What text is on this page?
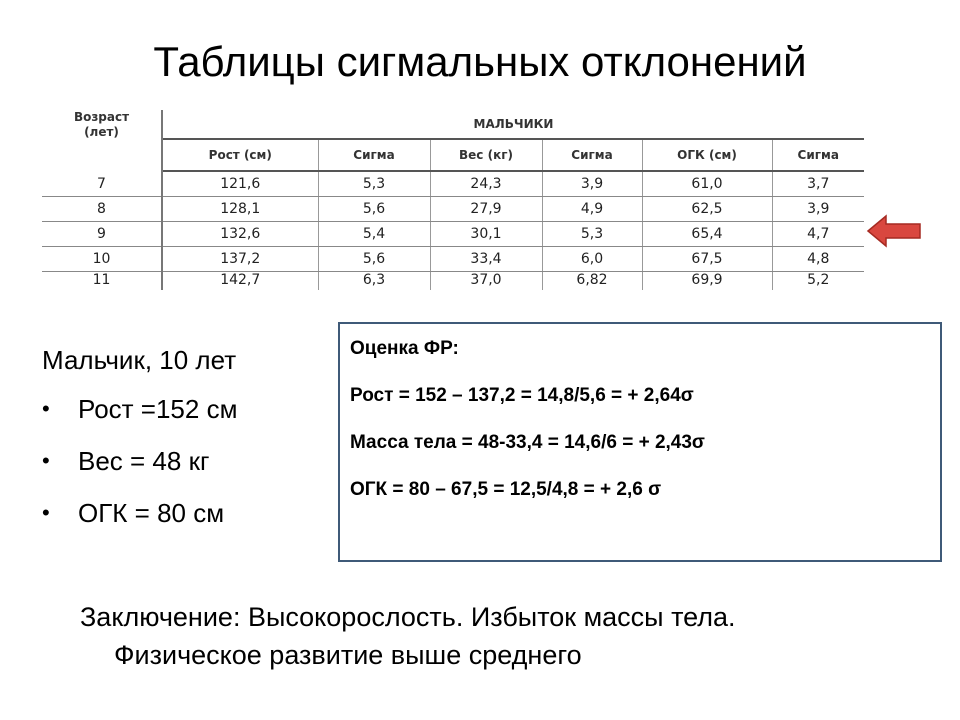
Таблицы сигмальных отклонений
Возраст
(лет)	МАЛЬЧИКИ					
	Рост (см)	Сигма	Вес (кг)	Сигма	ОГК (см)	Сигма
7	121,6	5,3	24,3	3,9	61,0	3,7
8	128,1	5,6	27,9	4,9	62,5	3,9
9	132,6	5,4	30,1	5,3	65,4	4,7
10	137,2	5,6	33,4	6,0	67,5	4,8
11	142,7	6,3	37,0	6,82	69,9	5,2
Мальчик, 10 лет
• Рост =152 см
• Вес = 48 кг
• ОГК = 80 см
Оценка ФР:
Рост = 152 – 137,2 = 14,8/5,6 = + 2,64σ
Масса тела = 48-33,4 = 14,6/6 = + 2,43σ
ОГК = 80 – 67,5 = 12,5/4,8 = + 2,6 σ
Заключение: Высокорослость. Избыток массы тела.
Физическое развитие выше среднего
